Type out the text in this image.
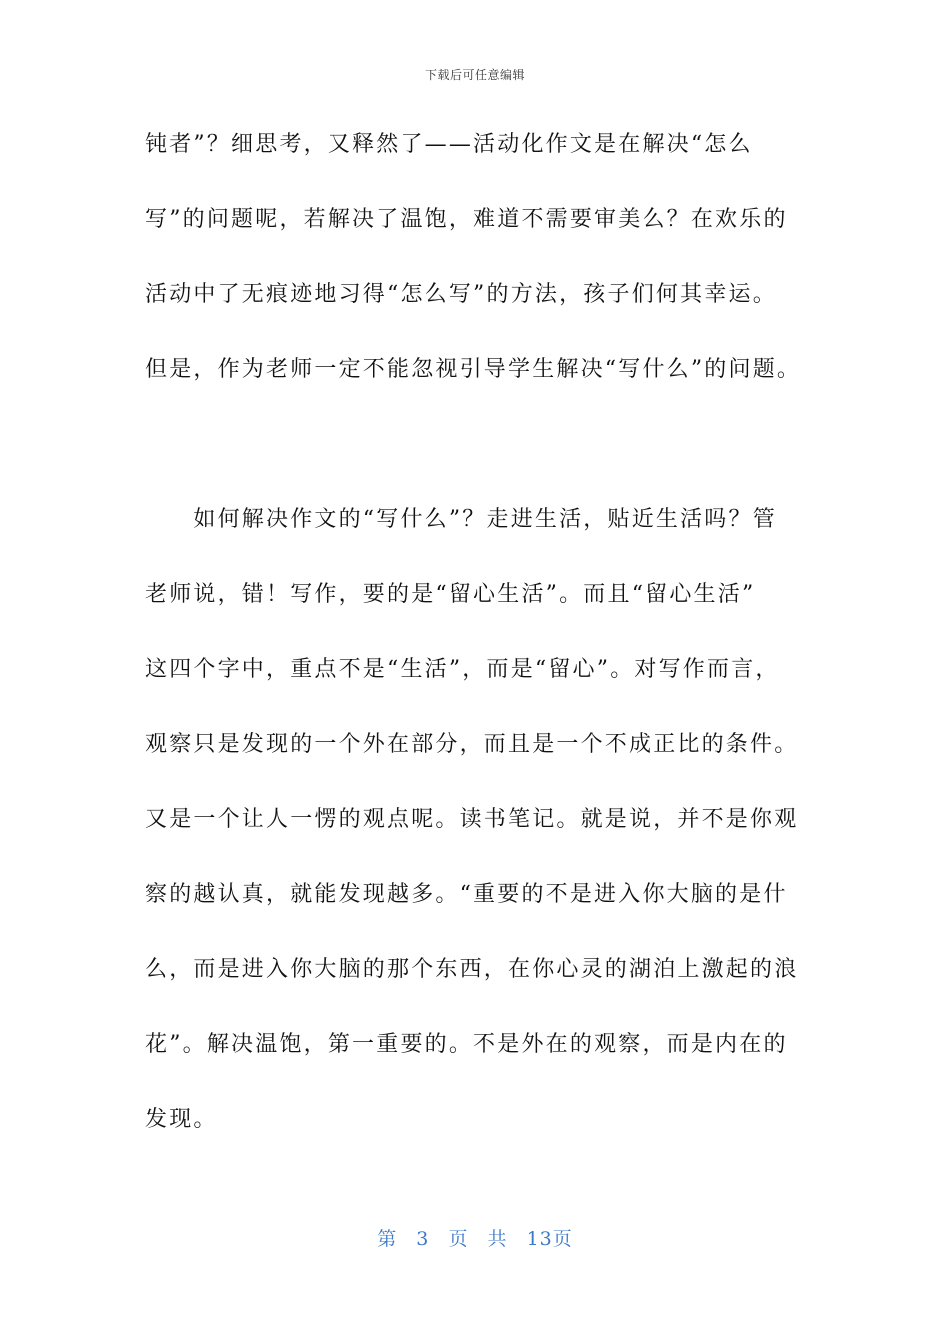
下载后可任意编辑
钝者”？细思考，又释然了——活动化作文是在解决“怎么
写”的问题呢，若解决了温饱，难道不需要审美么？在欢乐的
活动中了无痕迹地习得“怎么写”的方法，孩子们何其幸运。
但是，作为老师一定不能忽视引导学生解决“写什么”的问题。
　　如何解决作文的“写什么”？走进生活，贴近生活吗？管
老师说，错！写作，要的是“留心生活”。而且“留心生活”
这四个字中，重点不是“生活”，而是“留心”。对写作而言，
观察只是发现的一个外在部分，而且是一个不成正比的条件。
又是一个让人一愣的观点呢。读书笔记。就是说，并不是你观
察的越认真，就能发现越多。“重要的不是进入你大脑的是什
么，而是进入你大脑的那个东西，在你心灵的湖泊上激起的浪
花”。解决温饱，第一重要的。不是外在的观察，而是内在的
发现。
第 3 页 共 13页
